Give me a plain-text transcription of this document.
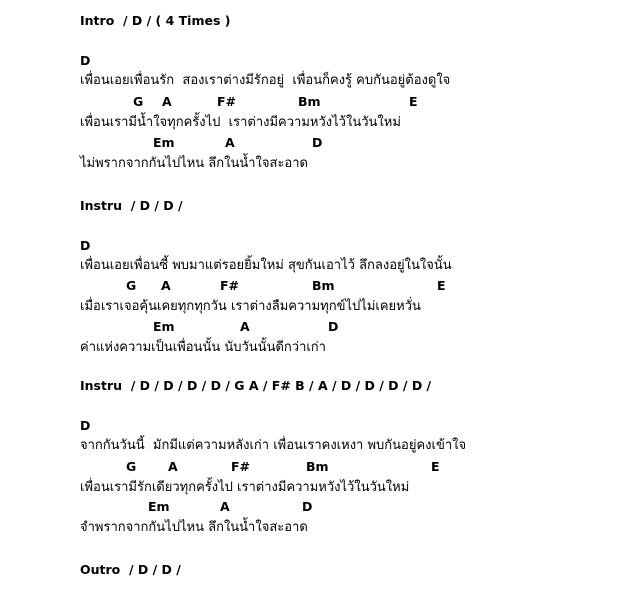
Intro  / D / ( 4 Times )
D
เพื่อนเอยเพื่อนรัก  สองเราต่างมีรักอยู่  เพื่อนก็คงรู้ คบกันอยู่ต้องดูใจ
G A	F#	Bm	E
เพื่อนเรามีน้ำใจทุกครั้งไป  เราต่างมีความหวังไว้ในวันใหม่
Em	A	D
ไม่พรากจากกันไปไหน ลึกในน้ำใจสะอาด
Instru  / D / D /
D
เพื่อนเอยเพื่อนซี้ พบมาแต่รอยยิ้มใหม่ สุขกันเอาไว้ ลึกลงอยู่ในใจนั้น
G A	F#	Bm	E
เมื่อเราเจอคุ้นเคยทุกทุกวัน เราต่างลืมความทุกข์ไปไม่เคยหวั่น
Em	A	D
ค่าแห่งความเป็นเพื่อนนั้น นับวันนั้นดีกว่าเก่า
Instru  / D / D / D / D / G A / F# B / A / D / D / D / D /
D
จากกันวันนี้  มักมีแต่ความหลังเก่า เพื่อนเราคงเหงา พบกันอยู่คงเข้าใจ
G	A	F#	Bm	E
เพื่อนเรามีรักเดียวทุกครั้งไป เราต่างมีความหวังไว้ในวันใหม่
Em	A	D
จำพรากจากกันไปไหน ลึกในน้ำใจสะอาด
Outro  / D / D /
